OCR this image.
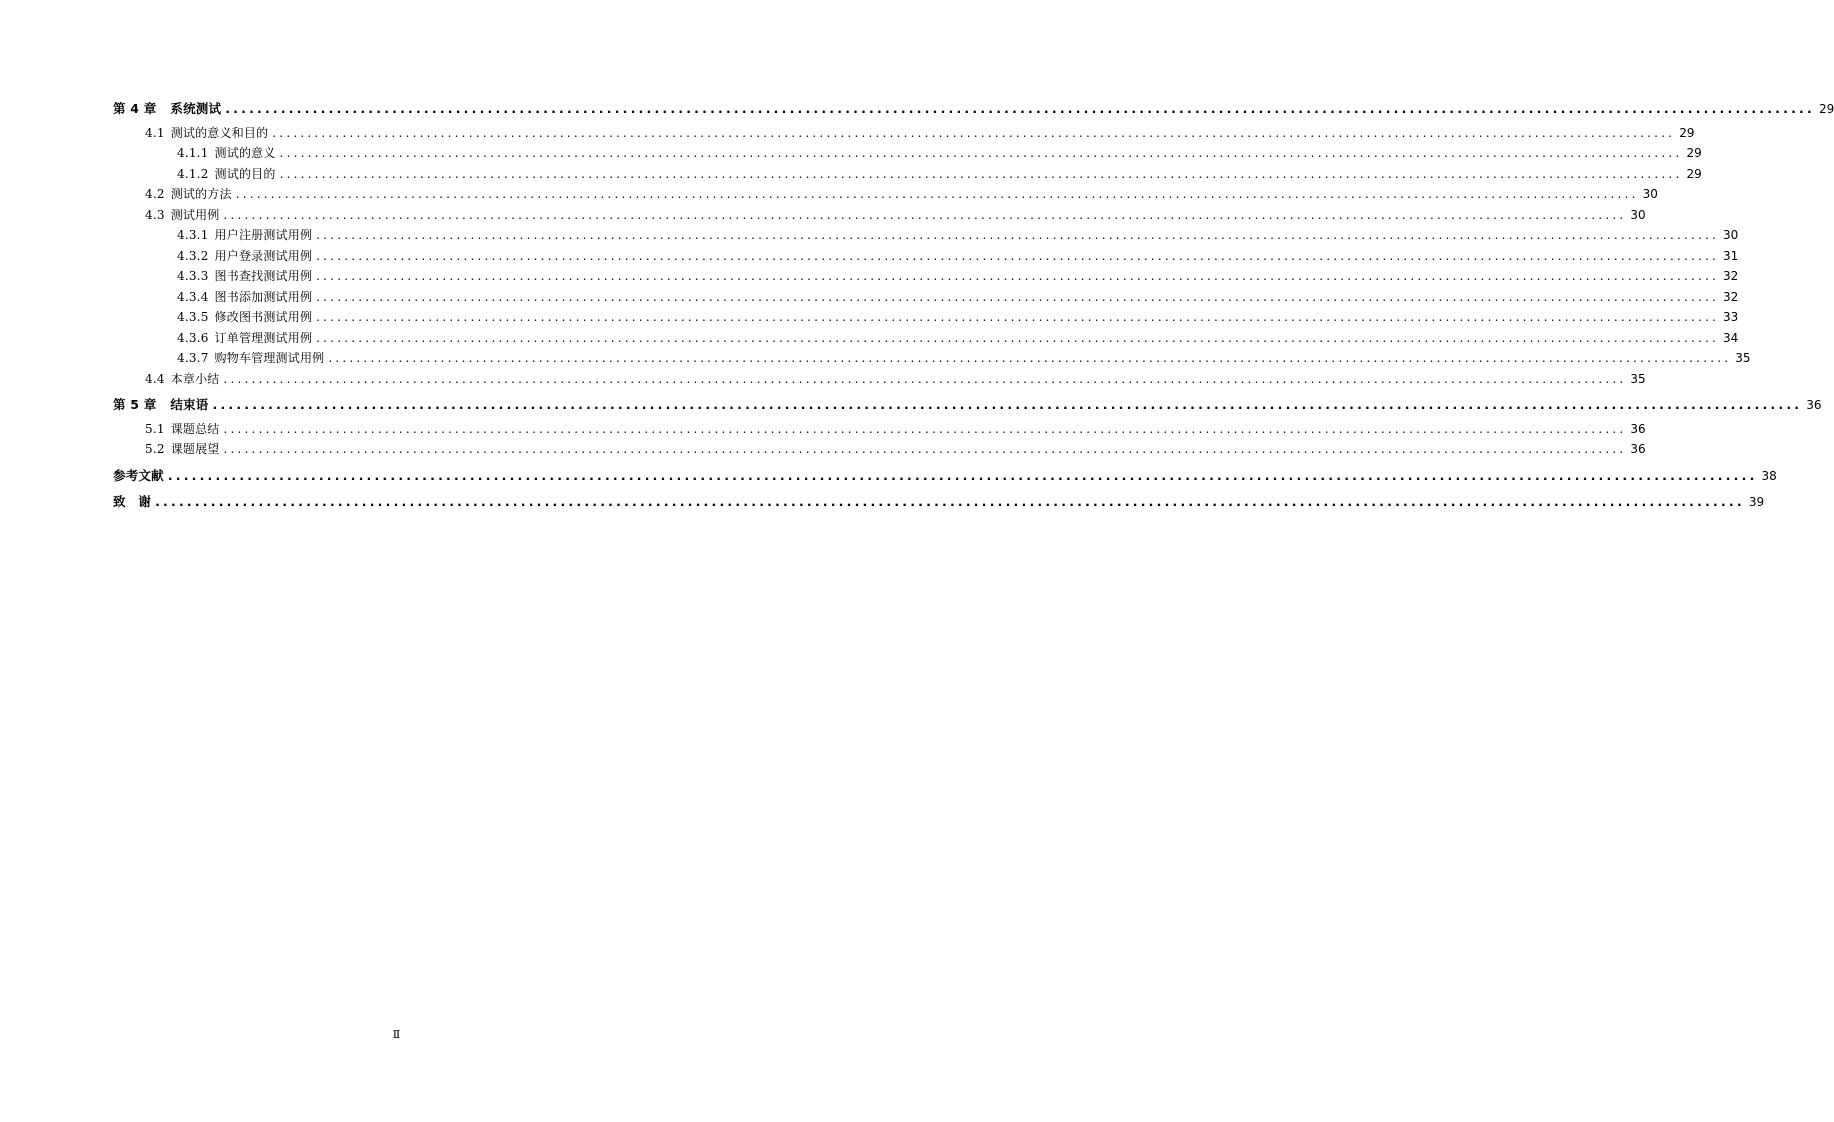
第 4 章 系统测试 ........................................................................................................................................................................................................ 29
4.1 测试的意义和目的 ........................................................................................................................................................................................................ 29
4.1.1 测试的意义 ........................................................................................................................................................................................................ 29
4.1.2 测试的目的 ........................................................................................................................................................................................................ 29
4.2 测试的方法 ........................................................................................................................................................................................................ 30
4.3 测试用例 ........................................................................................................................................................................................................ 30
4.3.1 用户注册测试用例 ........................................................................................................................................................................................................ 30
4.3.2 用户登录测试用例 ........................................................................................................................................................................................................ 31
4.3.3 图书查找测试用例 ........................................................................................................................................................................................................ 32
4.3.4 图书添加测试用例 ........................................................................................................................................................................................................ 32
4.3.5 修改图书测试用例 ........................................................................................................................................................................................................ 33
4.3.6 订单管理测试用例 ........................................................................................................................................................................................................ 34
4.3.7 购物车管理测试用例 ........................................................................................................................................................................................................ 35
4.4 本章小结 ........................................................................................................................................................................................................ 35
第 5 章 结束语 ........................................................................................................................................................................................................ 36
5.1 课题总结 ........................................................................................................................................................................................................ 36
5.2 课题展望 ........................................................................................................................................................................................................ 36
参考文献 ........................................................................................................................................................................................................ 38
致　谢 ........................................................................................................................................................................................................ 39
Ⅱ
